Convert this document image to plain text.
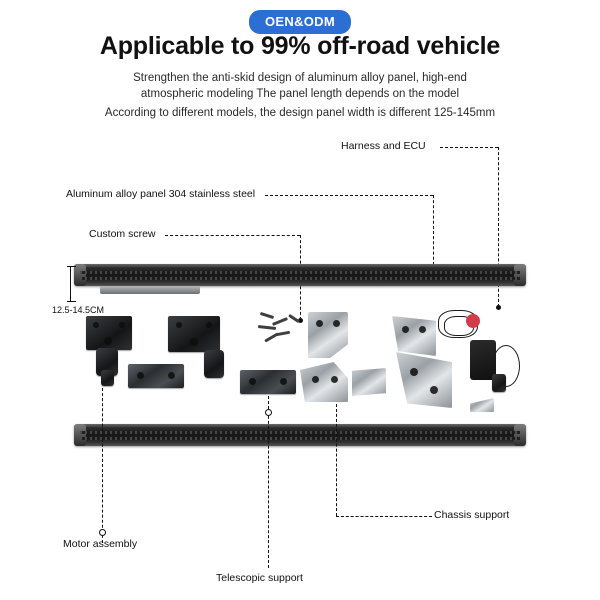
OEN&ODM
Applicable to 99% off-road vehicle
Strengthen the anti-skid design of aluminum alloy panel, high-end
atmospheric modeling The panel length depends on the model
According to different models, the design panel width is different 125-145mm
Harness and ECU
Aluminum alloy panel 304 stainless steel
Custom screw
12.5-14.5CM
Motor assembly
Telescopic support
Chassis support
